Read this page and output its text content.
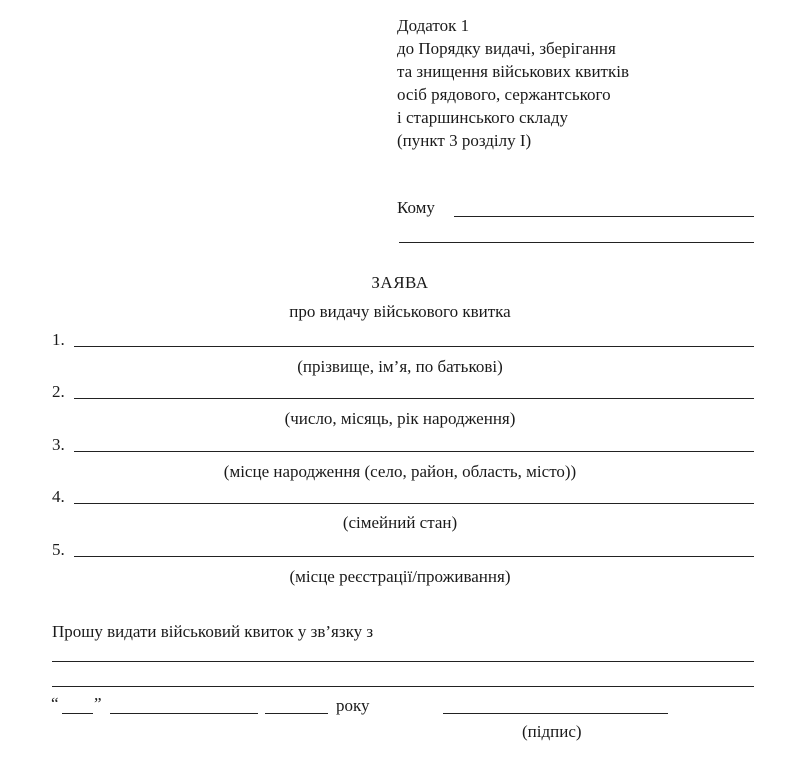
Додаток 1
до Порядку видачі, зберігання
та знищення військових квитків
осіб рядового, сержантського
і старшинського складу
(пункт 3 розділу I)
Кому
ЗАЯВА
про видачу військового квитка
1.
(прізвище, ім’я, по батькові)
2.
(число, місяць, рік народження)
3.
(місце народження (село, район, область, місто))
4.
(сімейний стан)
5.
(місце реєстрації/проживання)
Прошу видати військовий квиток у зв’язку з
“ ”	року
(підпис)
